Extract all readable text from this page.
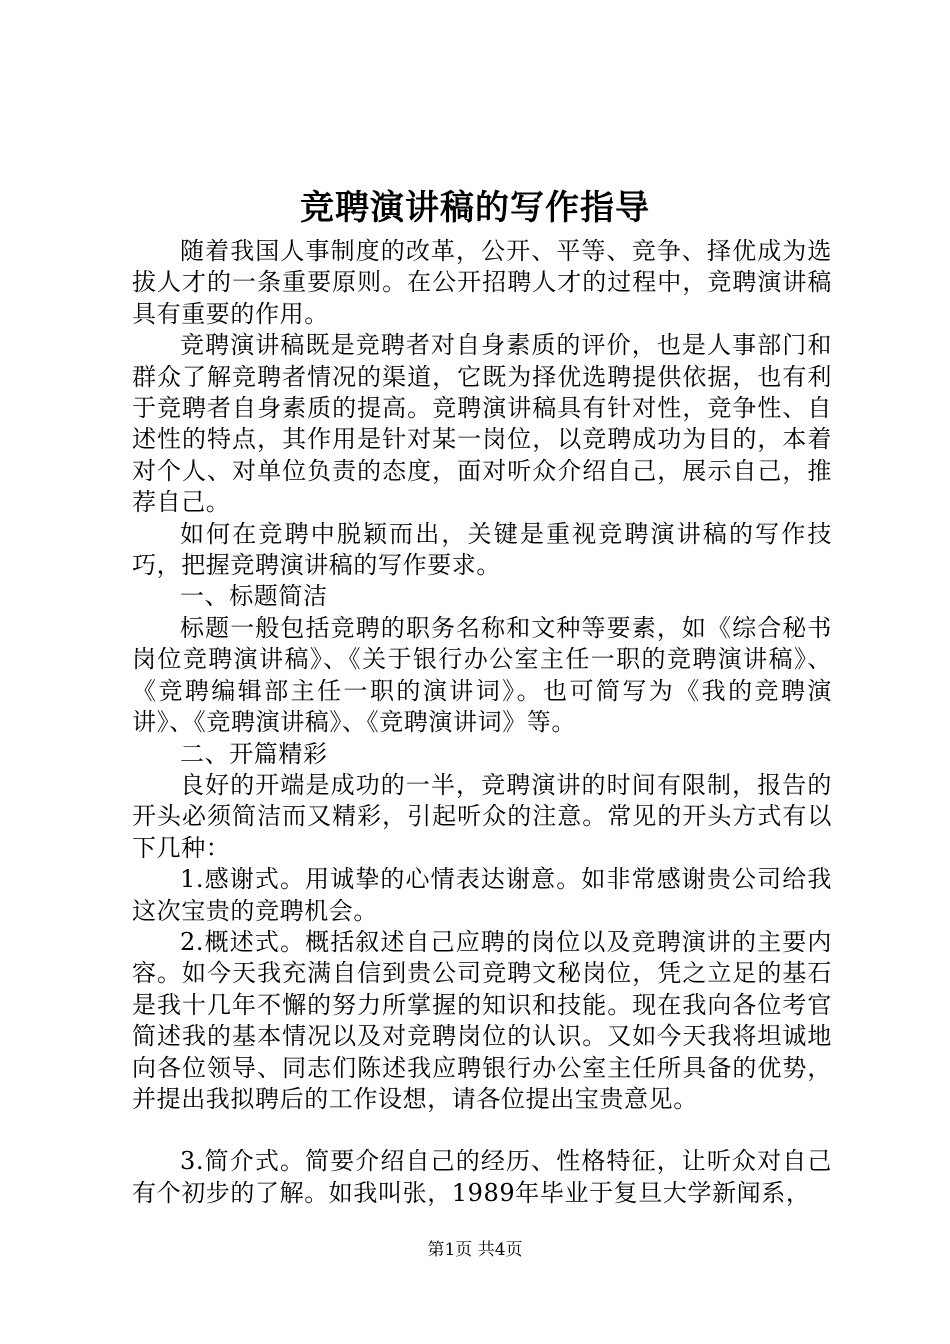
竞聘演讲稿的写作指导

随着我国人事制度的改革，公开、平等、竞争、择优成为选拔人才的一条重要原则。在公开招聘人才的过程中，竞聘演讲稿具有重要的作用。

竞聘演讲稿既是竞聘者对自身素质的评价，也是人事部门和群众了解竞聘者情况的渠道，它既为择优选聘提供依据，也有利于竞聘者自身素质的提高。竞聘演讲稿具有针对性，竞争性、自述性的特点，其作用是针对某一岗位，以竞聘成功为目的，本着对个人、对单位负责的态度，面对听众介绍自己，展示自己，推荐自己。

如何在竞聘中脱颖而出，关键是重视竞聘演讲稿的写作技巧，把握竞聘演讲稿的写作要求。

一、标题简洁

标题一般包括竞聘的职务名称和文种等要素，如《综合秘书岗位竞聘演讲稿》、《关于银行办公室主任一职的竞聘演讲稿》、《竞聘编辑部主任一职的演讲词》。也可简写为《我的竞聘演讲》、《竞聘演讲稿》、《竞聘演讲词》等。

二、开篇精彩

良好的开端是成功的一半，竞聘演讲的时间有限制，报告的开头必须简洁而又精彩，引起听众的注意。常见的开头方式有以下几种：

1.感谢式。用诚挚的心情表达谢意。如非常感谢贵公司给我这次宝贵的竞聘机会。

2.概述式。概括叙述自己应聘的岗位以及竞聘演讲的主要内容。如今天我充满自信到贵公司竞聘文秘岗位，凭之立足的基石是我十几年不懈的努力所掌握的知识和技能。现在我向各位考官简述我的基本情况以及对竞聘岗位的认识。又如今天我将坦诚地向各位领导、同志们陈述我应聘银行办公室主任所具备的优势，并提出我拟聘后的工作设想，请各位提出宝贵意见。

3.简介式。简要介绍自己的经历、性格特征，让听众对自己有个初步的了解。如我叫张，1989年毕业于复旦大学新闻系，

第1页 共4页
